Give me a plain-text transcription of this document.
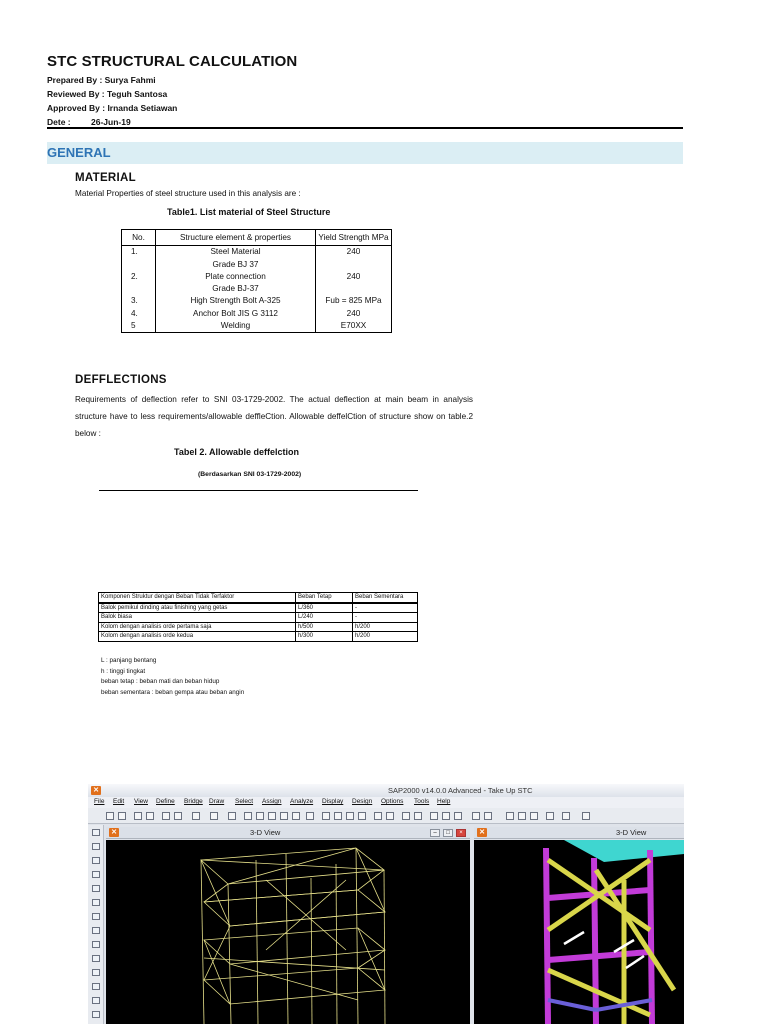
STC STRUCTURAL CALCULATION
Prepared By : Surya Fahmi
Reviewed By : Teguh Santosa
Approved By : Irnanda Setiawan
Dete : 26-Jun-19
GENERAL
MATERIAL
Material Properties of steel structure used in this analysis are :
Table1. List material of Steel Structure
No.	Structure element & properties	Yield Strength MPa
1.	Steel Material	240
	Grade BJ 37	
2.	Plate connection	240
	Grade BJ-37	
3.	High Strength Bolt A-325	Fub = 825 MPa
4.	Anchor Bolt JIS G 3112	240
5	Welding	E70XX
DEFFLECTIONS
Requirements of deflection refer to SNI 03-1729-2002. The actual deflection at main beam in analysis structure have to less requirements/allowable deffleCtion. Allowable deffelCtion of structure show on table.2 below :
Tabel 2. Allowable deffelction
(Berdasarkan SNI 03-1729-2002)
Komponen Struktur dengan Beban Tidak Terfaktor	Beban Tetap	Beban Sementara
Balok pemikul dinding atau finishing yang getas	L/360	-
Balok biasa	L/240	-
Kolom dengan analisis orde pertama saja	h/500	h/200
Kolom dengan analisis orde kedua	h/300	h/200
L : panjang bentang
h : tinggi tingkat
beban tetap : beban mati dan beban hidup
beban sementara : beban gempa atau beban angin
✕	SAP2000 v14.0.0 Advanced - Take Up STC
File Edit View Define Bridge Draw Select Assign Analyze Display Design Options Tools Help
✕	3-D View	–	□	×	✕	3-D View
